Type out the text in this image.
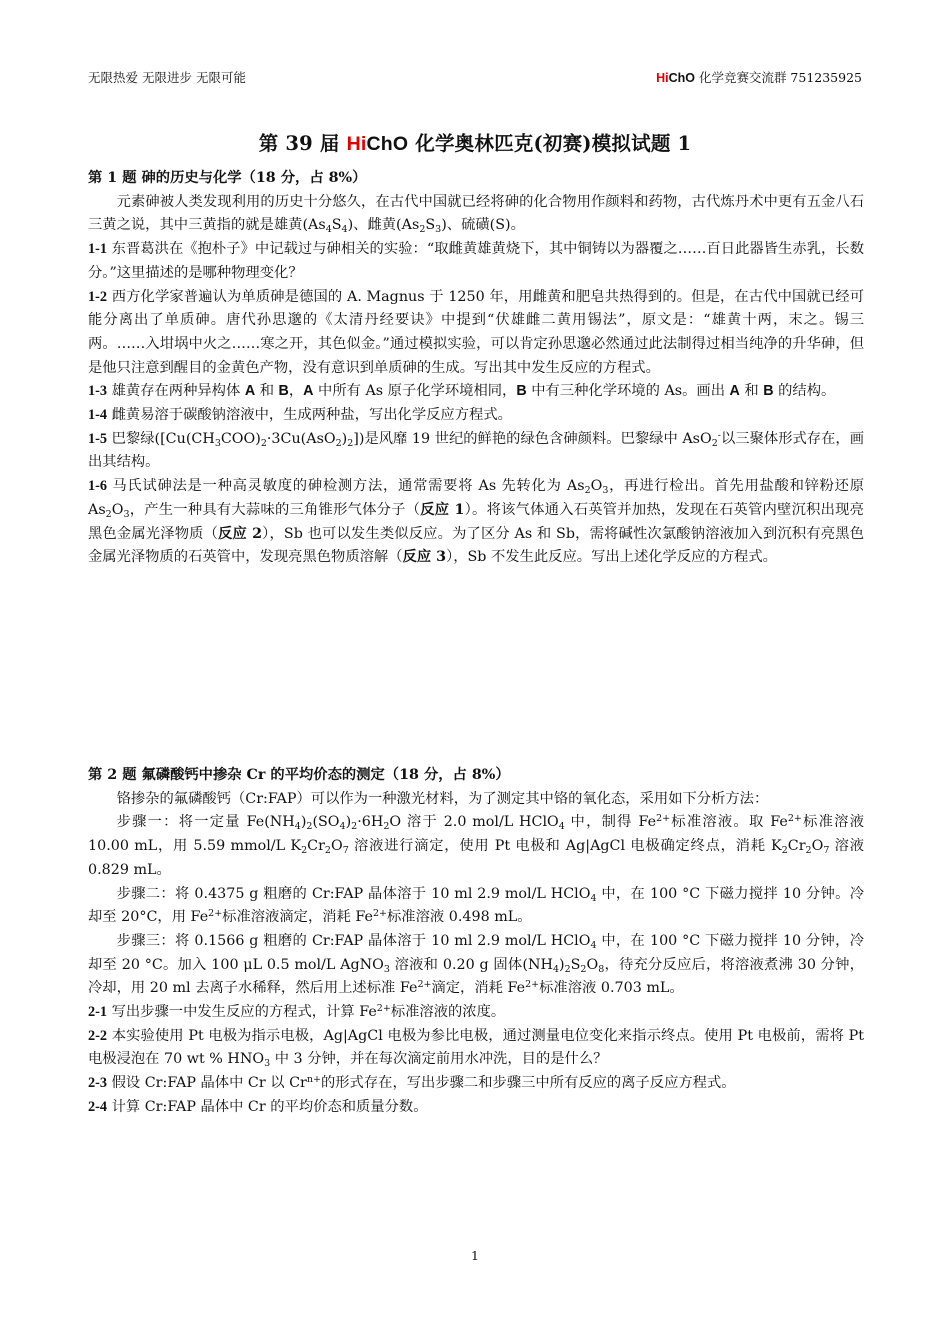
无限热爱 无限进步 无限可能	HiChO 化学竞赛交流群 751235925
第 39 届 HiChO 化学奥林匹克(初赛)模拟试题 1

第 1 题 砷的历史与化学（18 分，占 8%）

元素砷被人类发现利用的历史十分悠久，在古代中国就已经将砷的化合物用作颜料和药物，古代炼丹术中更有五金八石三黄之说，其中三黄指的就是雄黄$(As_4S_4)$、雌黄$(As_2S_3)$、硫磺(S)。

1-1 东晋葛洪在《抱朴子》中记载过与砷相关的实验：“取雌黄雄黄烧下，其中铜铸以为器覆之……百日此器皆生赤乳，长数分。”这里描述的是哪种物理变化？

1-2 西方化学家普遍认为单质砷是德国的 A. Magnus 于 1250 年，用雌黄和肥皂共热得到的。但是，在古代中国就已经可能分离出了单质砷。唐代孙思邈的《太清丹经要诀》中提到“伏雄雌二黄用锡法”，原文是：“雄黄十两，末之。锡三两。……入坩埚中火之……寒之开，其色似金。”通过模拟实验，可以肯定孙思邈必然通过此法制得过相当纯净的升华砷，但是他只注意到醒目的金黄色产物，没有意识到单质砷的生成。写出其中发生反应的方程式。

1-3 雄黄存在两种异构体 A 和 B，A 中所有 As 原子化学环境相同，B 中有三种化学环境的 As。画出 A 和 B 的结构。

1-4 雌黄易溶于碳酸钠溶液中，生成两种盐，写出化学反应方程式。

1-5 巴黎绿$([Cu(CH_3COO)_2\cdot 3Cu(AsO_2)_2])$是风靡 19 世纪的鲜艳的绿色含砷颜料。巴黎绿中 AsO$_2$-以三聚体形式存在，画出其结构。

1-6 马氏试砷法是一种高灵敏度的砷检测方法，通常需要将 As 先转化为 $As_2O_3$，再进行检出。首先用盐酸和锌粉还原 $As_2O_3$，产生一种具有大蒜味的三角锥形气体分子（反应 1）。将该气体通入石英管并加热，发现在石英管内壁沉积出现亮黑色金属光泽物质（反应 2），Sb 也可以发生类似反应。为了区分 As 和 Sb，需将碱性次氯酸钠溶液加入到沉积有亮黑色金属光泽物质的石英管中，发现亮黑色物质溶解（反应 3），Sb 不发生此反应。写出上述化学反应的方程式。

第 2 题 氟磷酸钙中掺杂 Cr 的平均价态的测定（18 分，占 8%）

铬掺杂的氟磷酸钙（Cr:FAP）可以作为一种激光材料，为了测定其中铬的氧化态，采用如下分析方法：

步骤一：将一定量 $Fe(NH_4)_2(SO_4)_2\cdot 6H_2O$ 溶于 2.0 mol/L HClO$_4$ 中，制得 $Fe^{2+}$标准溶液。取 $Fe^{2+}$标准溶液 10.00 mL，用 5.59 mmol/L $K_2Cr_2O_7$ 溶液进行滴定，使用 Pt 电极和 Ag|AgCl 电极确定终点，消耗 $K_2Cr_2O_7$ 溶液 0.829 mL。

步骤二：将 0.4375 g 粗磨的 Cr:FAP 晶体溶于 10 ml 2.9 mol/L HClO$_4$ 中，在 100 °C 下磁力搅拌 10 分钟。冷却至 20°C，用 $Fe^{2+}$标准溶液滴定，消耗 $Fe^{2+}$标准溶液 0.498 mL。

步骤三：将 0.1566 g 粗磨的 Cr:FAP 晶体溶于 10 ml 2.9 mol/L HClO$_4$ 中，在 100 °C 下磁力搅拌 10 分钟，冷却至 20 °C。加入 100 μL 0.5 mol/L AgNO$_3$ 溶液和 0.20 g 固体$(NH_4)_2S_2O_8$，待充分反应后，将溶液煮沸 30 分钟，冷却，用 20 ml 去离子水稀释，然后用上述标准 $Fe^{2+}$滴定，消耗 $Fe^{2+}$标准溶液 0.703 mL。

2-1 写出步骤一中发生反应的方程式，计算 $Fe^{2+}$标准溶液的浓度。

2-2 本实验使用 Pt 电极为指示电极，Ag|AgCl 电极为参比电极，通过测量电位变化来指示终点。使用 Pt 电极前，需将 Pt 电极浸泡在 70 wt % $HNO_3$ 中 3 分钟，并在每次滴定前用水冲洗，目的是什么？

2-3 假设 Cr:FAP 晶体中 Cr 以 $Cr^{n+}$的形式存在，写出步骤二和步骤三中所有反应的离子反应方程式。

2-4 计算 Cr:FAP 晶体中 Cr 的平均价态和质量分数。

1
